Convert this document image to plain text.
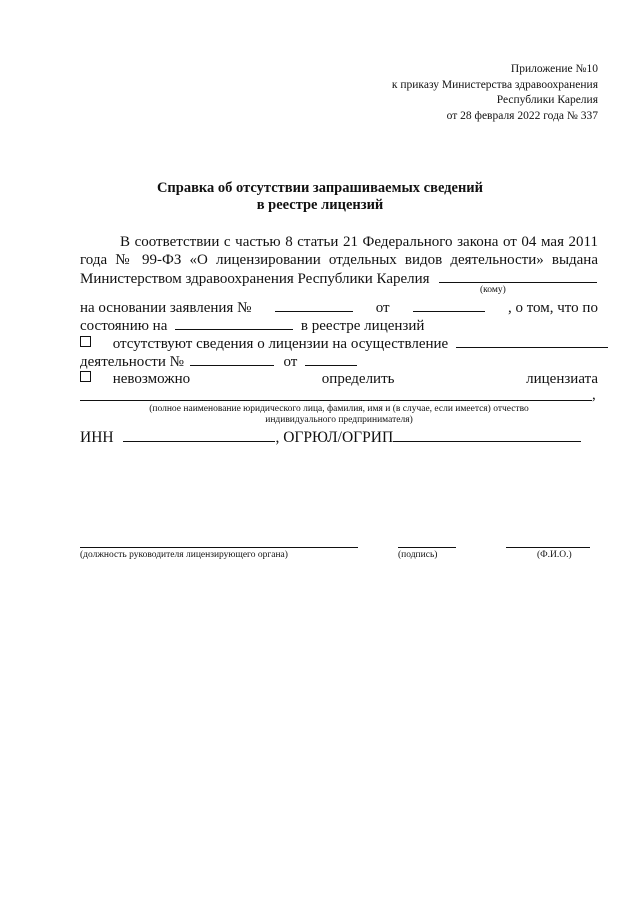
Приложение №10
к приказу Министерства здравоохранения
Республики Карелия
от 28 февраля 2022 года № 337
Справка об отсутствии запрашиваемых сведений
в реестре лицензий
В соответствии с частью 8 статьи 21 Федерального закона от 04 мая 2011
года № 99-ФЗ «О лицензировании отдельных видов деятельности» выдана
Министерством здравоохранения Республики Карелия
(кому)
на основании заявления №	от	, о том, что по
состоянию на	в реестре лицензий
отсутствуют сведения о лицензии на осуществление
деятельности №	от
невозможно	определить	лицензиата
,
(полное наименование юридического лица, фамилия, имя и (в случае, если имеется) отчество
индивидуального предпринимателя)
ИНН	, ОГРЮЛ/ОГРИП
(должность руководителя лицензирующего органа)	(подпись)	(Ф.И.О.)
